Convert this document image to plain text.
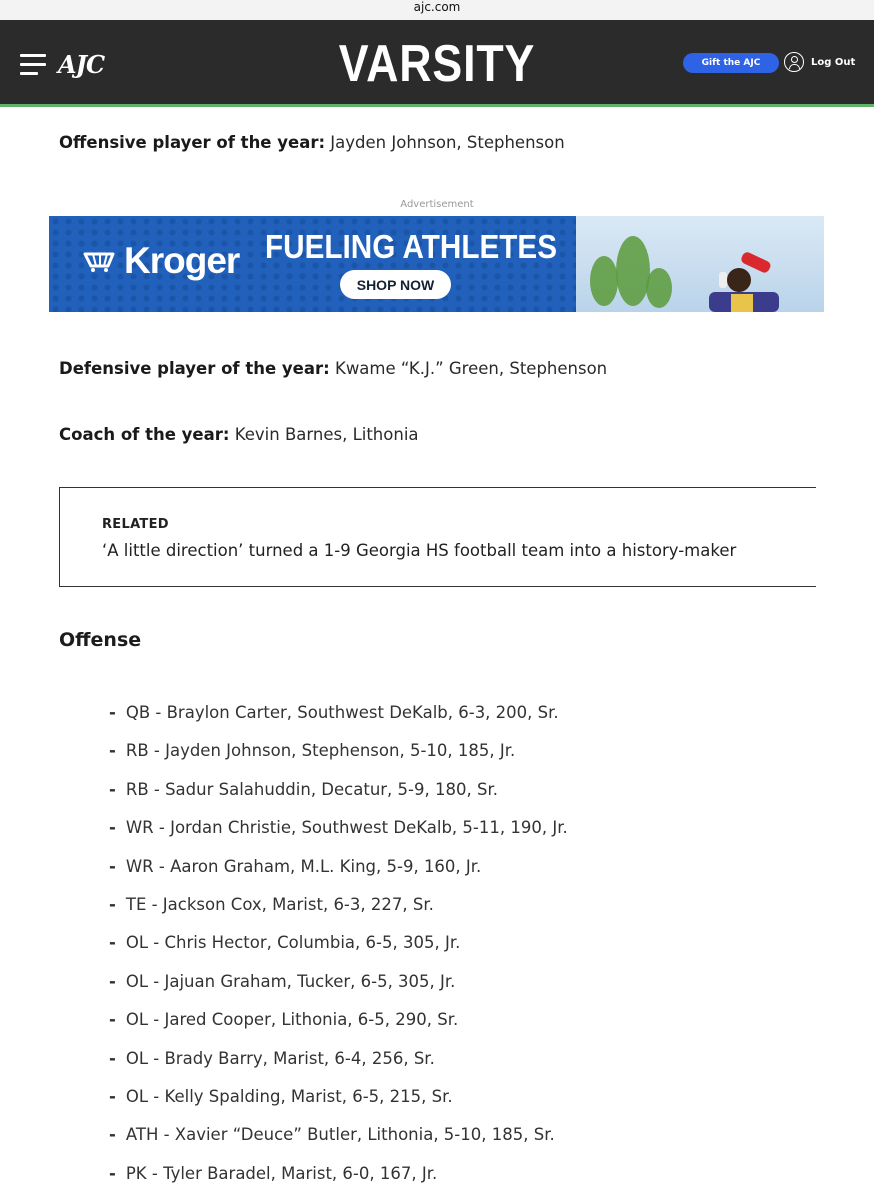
ajc.com
AJC	VARSITY	Gift the AJC	Log Out
Offensive player of the year: Jayden Johnson, Stephenson
Advertisement
Kroger FUELING ATHLETES
SHOP NOW
Defensive player of the year: Kwame “K.J.” Green, Stephenson
Coach of the year: Kevin Barnes, Lithonia
RELATED
‘A little direction’ turned a 1-9 Georgia HS football team into a history-maker
Offense
- QB - Braylon Carter, Southwest DeKalb, 6-3, 200, Sr.
- RB - Jayden Johnson, Stephenson, 5-10, 185, Jr.
- RB - Sadur Salahuddin, Decatur, 5-9, 180, Sr.
- WR - Jordan Christie, Southwest DeKalb, 5-11, 190, Jr.
- WR - Aaron Graham, M.L. King, 5-9, 160, Jr.
- TE - Jackson Cox, Marist, 6-3, 227, Sr.
- OL - Chris Hector, Columbia, 6-5, 305, Jr.
- OL - Jajuan Graham, Tucker, 6-5, 305, Jr.
- OL - Jared Cooper, Lithonia, 6-5, 290, Sr.
- OL - Brady Barry, Marist, 6-4, 256, Sr.
- OL - Kelly Spalding, Marist, 6-5, 215, Sr.
- ATH - Xavier “Deuce” Butler, Lithonia, 5-10, 185, Sr.
- PK - Tyler Baradel, Marist, 6-0, 167, Jr.
